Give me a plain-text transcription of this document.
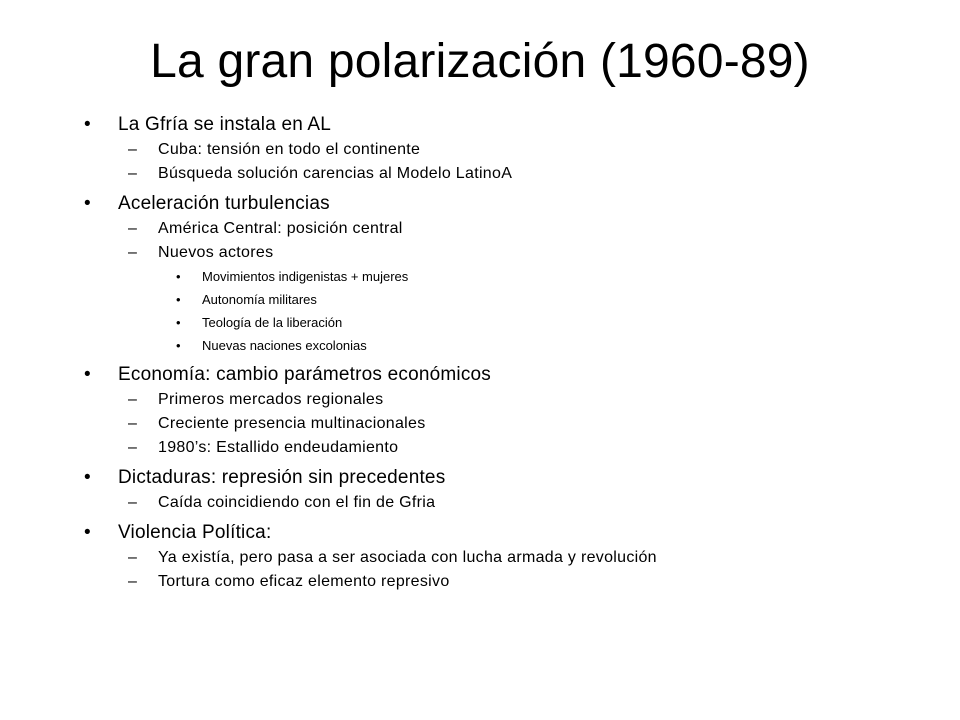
La gran polarización (1960-89)
• La Gfría se instala en AL
– Cuba: tensión en todo el continente
– Búsqueda solución carencias al Modelo LatinoA
• Aceleración turbulencias
– América Central: posición central
– Nuevos actores
• Movimientos indigenistas + mujeres
• Autonomía militares
• Teología de la liberación
• Nuevas naciones excolonias
• Economía: cambio parámetros económicos
– Primeros mercados regionales
– Creciente presencia multinacionales
– 1980’s: Estallido endeudamiento
• Dictaduras: represión sin precedentes
– Caída coincidiendo con el fin de Gfria
• Violencia Política:
– Ya existía, pero pasa a ser asociada con lucha armada y revolución
– Tortura como eficaz elemento represivo
